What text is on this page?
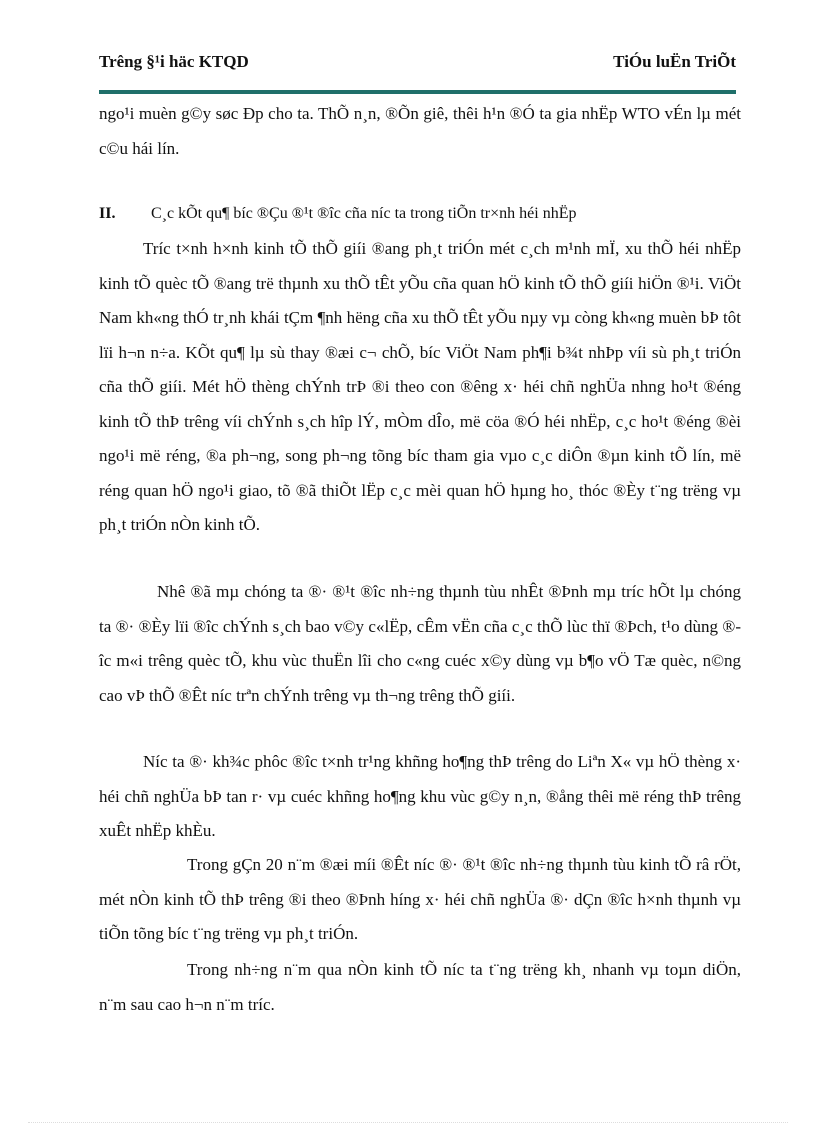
Trêng §¹i häc KTQD	TiÓu luËn TriÕt

ngo¹i muèn g©y søc Ðp cho ta. ThÕ n¸n, ®Õn giê, thêi h¹n ®Ó ta gia nhËp WTO vÉn lµ mét c©u hái lín.

II. C¸c kÕt qu¶ bíc ®Çu ®¹t ®îc cña níc ta trong tiÕn tr×nh héi nhËp

Tríc t×nh h×nh kinh tÕ thÕ giíi ®ang ph¸t triÓn mét c¸ch m¹nh mÏ, xu thÕ héi nhËp kinh tÕ quèc tÕ ®ang trë thµnh xu thÕ tÊt yÕu cña quan hÖ kinh tÕ thÕ giíi hiÖn ®¹i. ViÖt Nam kh«ng thÓ tr¸nh khái tÇm ¶nh hëng cña xu thÕ tÊt yÕu nµy vµ còng kh«ng muèn bÞ tôt lïi h¬n n÷a. KÕt qu¶ lµ sù thay ®æi c¬ chÕ, bíc ViÖt Nam ph¶i b¾t nhÞp víi sù ph¸t triÓn cña thÕ giíi. Mét hÖ thèng chÝnh trÞ ®i theo con ®êng x· héi chñ nghÜa nhng ho¹t ®éng kinh tÕ thÞ trêng víi chÝnh s¸ch hîp lÝ, mÒm dÎo, më cöa ®Ó héi nhËp, c¸c ho¹t ®éng ®èi ngo¹i më réng, ®a ph¬ng, song ph¬ng tõng bíc tham gia vµo c¸c diÔn ®µn kinh tÕ lín, më réng quan hÖ ngo¹i giao, tõ ®ã thiÕt lËp c¸c mèi quan hÖ hµng ho¸ thóc ®Èy t¨ng trëng vµ ph¸t triÓn nÒn kinh tÕ.

Nhê ®ã mµ chóng ta ®· ®¹t ®îc nh÷ng thµnh tùu nhÊt ®Þnh mµ tríc hÕt lµ chóng ta ®· ®Èy lïi ®îc chÝnh s¸ch bao v©y c«lËp, cÊm vËn cña c¸c thÕ lùc thï ®Þch, t¹o dùng ®îc m«i trêng quèc tÕ, khu vùc thuËn lîi cho c«ng cuéc x©y dùng vµ b¶o vÖ Tæ quèc, n©ng cao vÞ thÕ ®Êt níc trªn chÝnh trêng vµ th¬ng trêng thÕ giíi.

Níc ta ®· kh¾c phôc ®îc t×nh tr¹ng khñng ho¶ng thÞ trêng do Liªn X« vµ hÖ thèng x· héi chñ nghÜa bÞ tan r· vµ cuéc khñng ho¶ng khu vùc g©y n¸n, ®ång thêi më réng thÞ trêng xuÊt nhËp khÈu.

Trong gÇn 20 n¨m ®æi míi ®Êt níc ®· ®¹t ®îc nh÷ng thµnh tùu kinh tÕ râ rÖt, mét nÒn kinh tÕ thÞ trêng ®i theo ®Þnh híng x· héi chñ nghÜa ®· dÇn ®îc h×nh thµnh vµ tiÕn tõng bíc t¨ng trëng vµ ph¸t triÓn.

Trong nh÷ng n¨m qua nÒn kinh tÕ níc ta t¨ng trëng kh¸ nhanh vµ toµn diÖn, n¨m sau cao h¬n n¨m tríc.
